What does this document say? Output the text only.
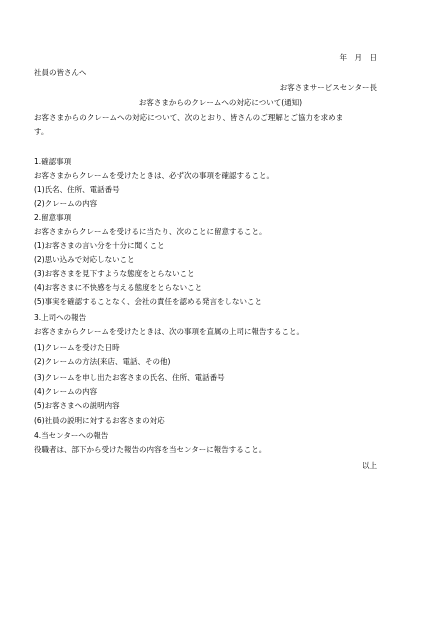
年　月　日
社員の皆さんへ
お客さまサービスセンター長
お客さまからのクレームへの対応について(通知)
お客さまからのクレームへの対応について、次のとおり、皆さんのご理解とご協力を求めま
す。
1.確認事項
お客さまからクレームを受けたときは、必ず次の事項を確認すること。
(1)氏名、住所、電話番号
(2)クレームの内容
2.留意事項
お客さまからクレームを受けるに当たり、次のことに留意すること。
(1)お客さまの言い分を十分に聞くこと
(2)思い込みで対応しないこと
(3)お客さまを見下すような態度をとらないこと
(4)お客さまに不快感を与える態度をとらないこと
(5)事実を確認することなく、会社の責任を認める発言をしないこと
3.上司への報告
お客さまからクレームを受けたときは、次の事項を直属の上司に報告すること。
(1)クレームを受けた日時
(2)クレームの方法(来店、電話、その他)
(3)クレームを申し出たお客さまの氏名、住所、電話番号
(4)クレームの内容
(5)お客さまへの説明内容
(6)社員の説明に対するお客さまの対応
4.当センターへの報告
役職者は、部下から受けた報告の内容を当センターに報告すること。
以上
